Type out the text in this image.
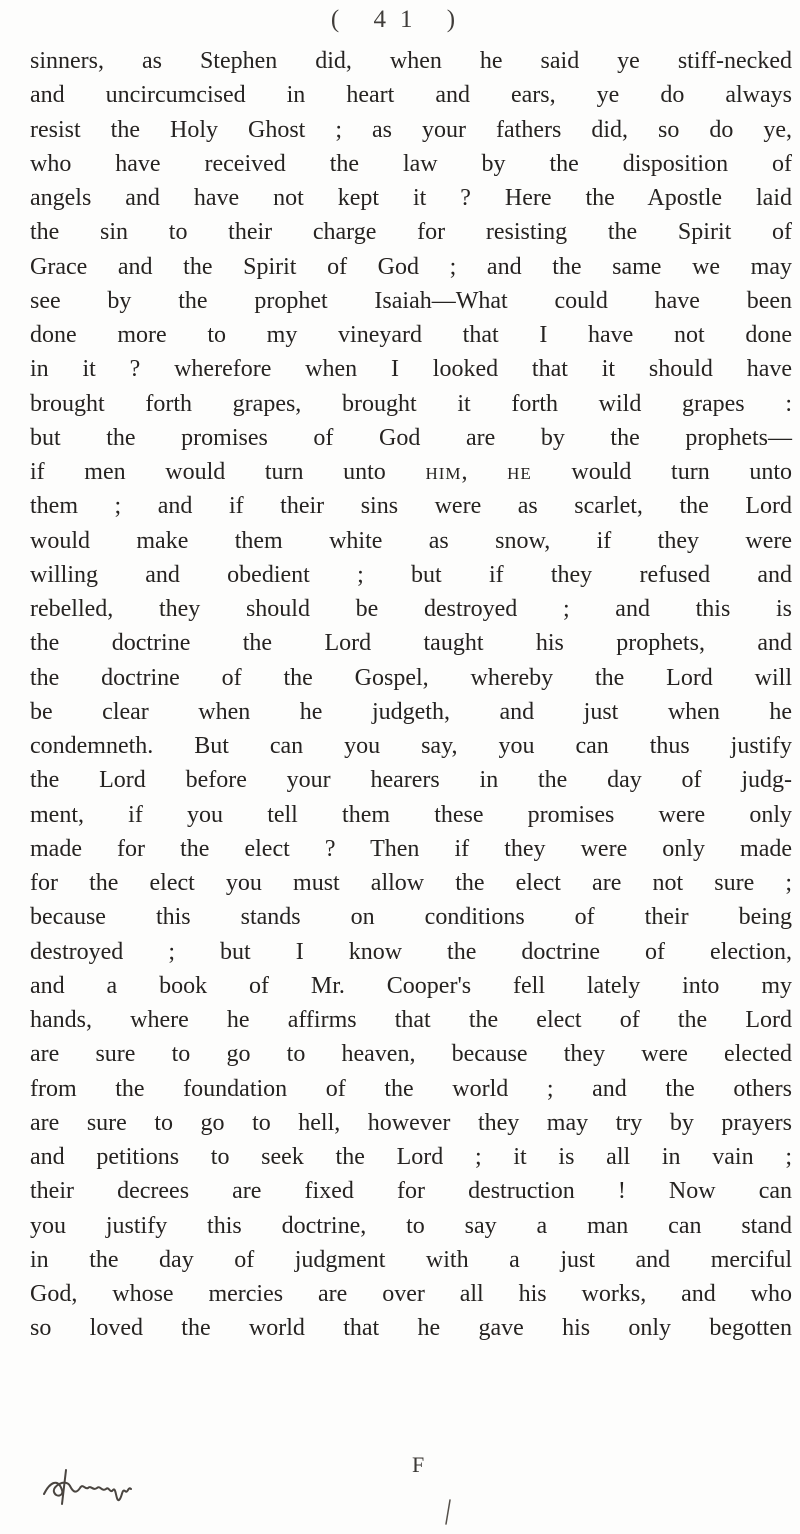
( 41 )
sinners, as Stephen did, when he said ye stiff-necked
and uncircumcised in heart and ears, ye do always
resist the Holy Ghost ; as your fathers did, so do ye,
who have received the law by the disposition of
angels and have not kept it ? Here the Apostle laid
the sin to their charge for resisting the Spirit of
Grace and the Spirit of God ; and the same we may
see by the prophet Isaiah—What could have been
done more to my vineyard that I have not done
in it ? wherefore when I looked that it should have
brought forth grapes, brought it forth wild grapes :
but the promises of God are by the prophets—
if men would turn unto him, he would turn unto
them ; and if their sins were as scarlet, the Lord
would make them white as snow, if they were
willing and obedient ; but if they refused and
rebelled, they should be destroyed ; and this is
the doctrine the Lord taught his prophets, and
the doctrine of the Gospel, whereby the Lord will
be clear when he judgeth, and just when he
condemneth. But can you say, you can thus justify
the Lord before your hearers in the day of judg-
ment, if you tell them these promises were only
made for the elect ? Then if they were only made
for the elect you must allow the elect are not sure ;
because this stands on conditions of their being
destroyed ; but I know the doctrine of election,
and a book of Mr. Cooper's fell lately into my
hands, where he affirms that the elect of the Lord
are sure to go to heaven, because they were elected
from the foundation of the world ; and the others
are sure to go to hell, however they may try by prayers
and petitions to seek the Lord ; it is all in vain ;
their decrees are fixed for destruction ! Now can
you justify this doctrine, to say a man can stand
in the day of judgment with a just and merciful
God, whose mercies are over all his works, and who
so loved the world that he gave his only begotten
F
